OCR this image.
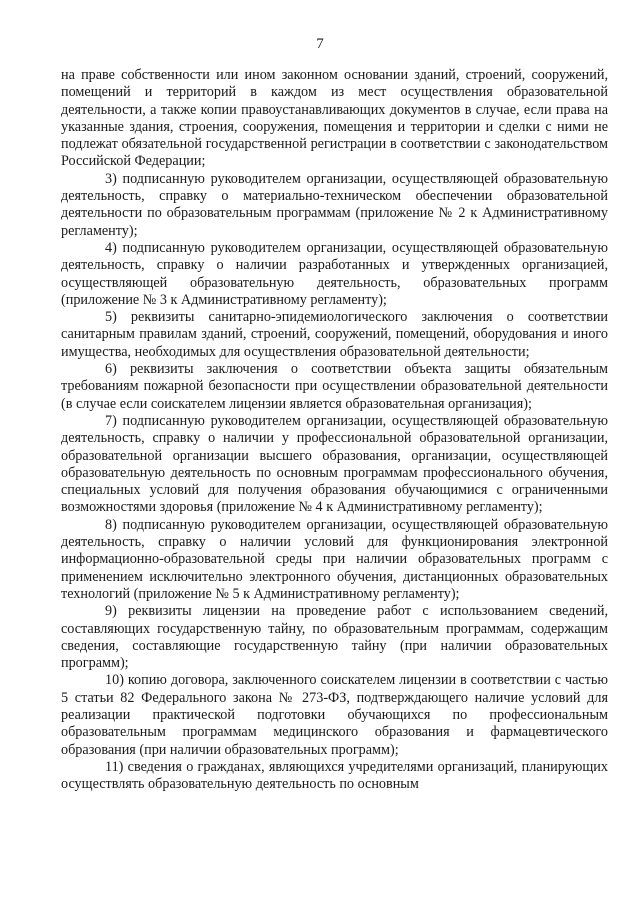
7

на праве собственности или ином законном основании зданий, строений, сооружений, помещений и территорий в каждом из мест осуществления образовательной деятельности, а также копии правоустанавливающих документов в случае, если права на указанные здания, строения, сооружения, помещения и территории и сделки с ними не подлежат обязательной государственной регистрации в соответствии с законодательством Российской Федерации;

3) подписанную руководителем организации, осуществляющей образовательную деятельность, справку о материально-техническом обеспечении образовательной деятельности по образовательным программам (приложение № 2 к Административному регламенту);

4) подписанную руководителем организации, осуществляющей образовательную деятельность, справку о наличии разработанных и утвержденных организацией, осуществляющей образовательную деятельность, образовательных программ (приложение № 3 к Административному регламенту);

5) реквизиты санитарно-эпидемиологического заключения о соответствии санитарным правилам зданий, строений, сооружений, помещений, оборудования и иного имущества, необходимых для осуществления образовательной деятельности;

6) реквизиты заключения о соответствии объекта защиты обязательным требованиям пожарной безопасности при осуществлении образовательной деятельности (в случае если соискателем лицензии является образовательная организация);

7) подписанную руководителем организации, осуществляющей образовательную деятельность, справку о наличии у профессиональной образовательной организации, образовательной организации высшего образования, организации, осуществляющей образовательную деятельность по основным программам профессионального обучения, специальных условий для получения образования обучающимися с ограниченными возможностями здоровья (приложение № 4 к Административному регламенту);

8) подписанную руководителем организации, осуществляющей образовательную деятельность, справку о наличии условий для функционирования электронной информационно-образовательной среды при наличии образовательных программ с применением исключительно электронного обучения, дистанционных образовательных технологий (приложение № 5 к Административному регламенту);

9) реквизиты лицензии на проведение работ с использованием сведений, составляющих государственную тайну, по образовательным программам, содержащим сведения, составляющие государственную тайну (при наличии образовательных программ);

10) копию договора, заключенного соискателем лицензии в соответствии с частью 5 статьи 82 Федерального закона № 273-ФЗ, подтверждающего наличие условий для реализации практической подготовки обучающихся по профессиональным образовательным программам медицинского образования и фармацевтического образования (при наличии образовательных программ);

11) сведения о гражданах, являющихся учредителями организаций, планирующих осуществлять образовательную деятельность по основным
